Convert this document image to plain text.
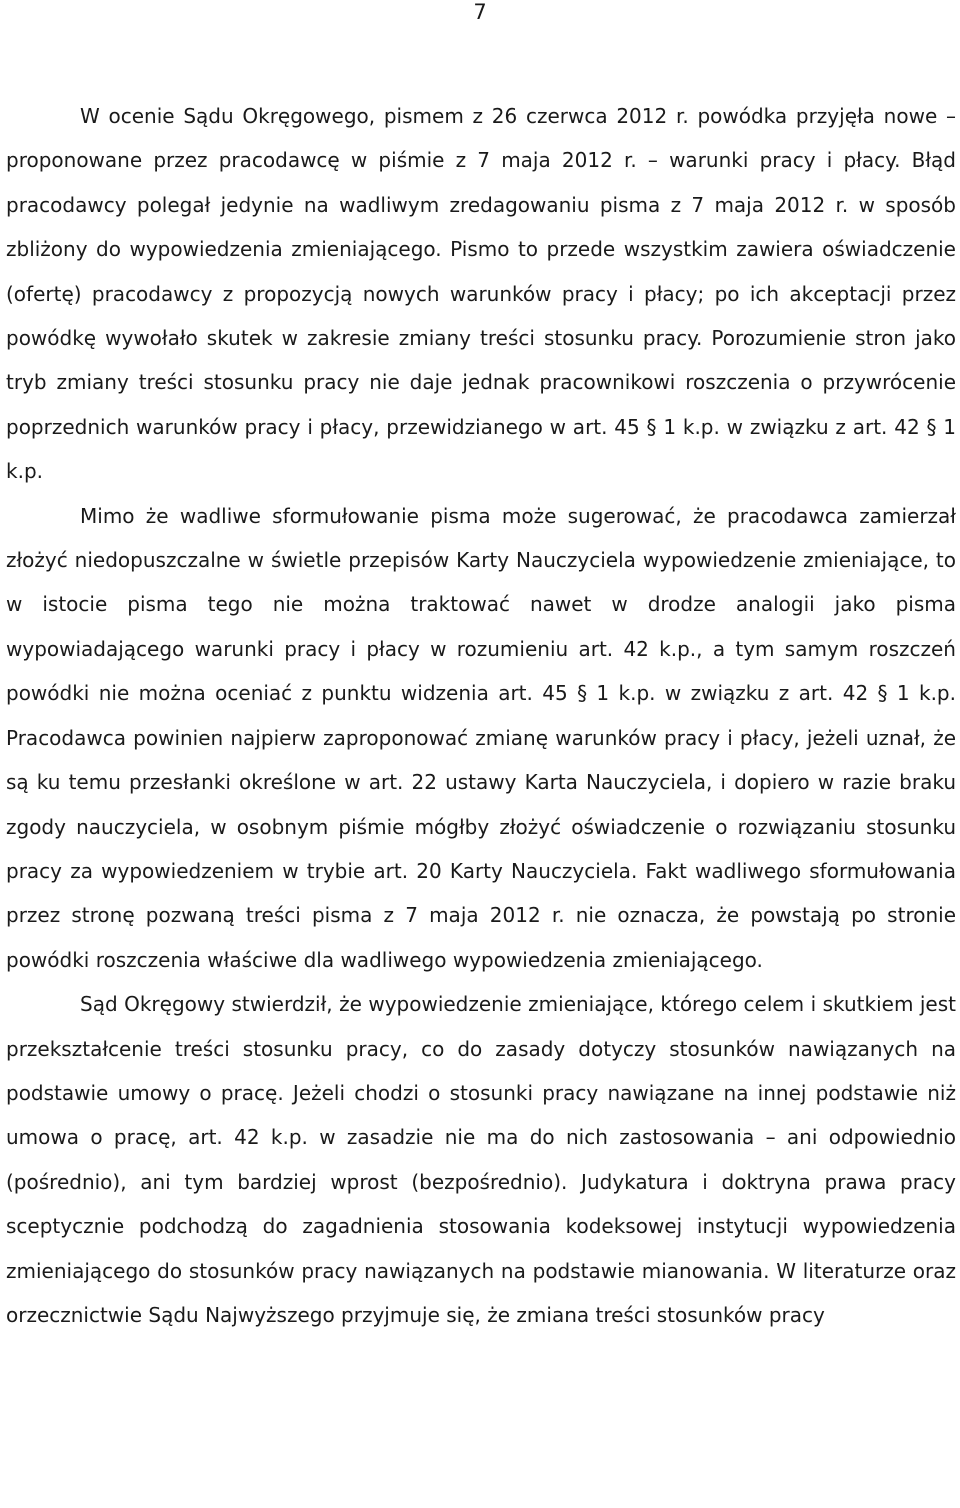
7

W ocenie Sądu Okręgowego, pismem z 26 czerwca 2012 r. powódka przyjęła nowe – proponowane przez pracodawcę w piśmie z 7 maja 2012 r. – warunki pracy i płacy. Błąd pracodawcy polegał jedynie na wadliwym zredagowaniu pisma z 7 maja 2012 r. w sposób zbliżony do wypowiedzenia zmieniającego. Pismo to przede wszystkim zawiera oświadczenie (ofertę) pracodawcy z propozycją nowych warunków pracy i płacy; po ich akceptacji przez powódkę wywołało skutek w zakresie zmiany treści stosunku pracy. Porozumienie stron jako tryb zmiany treści stosunku pracy nie daje jednak pracownikowi roszczenia o przywrócenie poprzednich warunków pracy i płacy, przewidzianego w art. 45 § 1 k.p. w związku z art. 42 § 1 k.p.

Mimo że wadliwe sformułowanie pisma może sugerować, że pracodawca zamierzał złożyć niedopuszczalne w świetle przepisów Karty Nauczyciela wypowiedzenie zmieniające, to w istocie pisma tego nie można traktować nawet w drodze analogii jako pisma wypowiadającego warunki pracy i płacy w rozumieniu art. 42 k.p., a tym samym roszczeń powódki nie można oceniać z punktu widzenia art. 45 § 1 k.p. w związku z art. 42 § 1 k.p. Pracodawca powinien najpierw zaproponować zmianę warunków pracy i płacy, jeżeli uznał, że są ku temu przesłanki określone w art. 22 ustawy Karta Nauczyciela, i dopiero w razie braku zgody nauczyciela, w osobnym piśmie mógłby złożyć oświadczenie o rozwiązaniu stosunku pracy za wypowiedzeniem w trybie art. 20 Karty Nauczyciela. Fakt wadliwego sformułowania przez stronę pozwaną treści pisma z 7 maja 2012 r. nie oznacza, że powstają po stronie powódki roszczenia właściwe dla wadliwego wypowiedzenia zmieniającego.

Sąd Okręgowy stwierdził, że wypowiedzenie zmieniające, którego celem i skutkiem jest przekształcenie treści stosunku pracy, co do zasady dotyczy stosunków nawiązanych na podstawie umowy o pracę. Jeżeli chodzi o stosunki pracy nawiązane na innej podstawie niż umowa o pracę, art. 42 k.p. w zasadzie nie ma do nich zastosowania – ani odpowiednio (pośrednio), ani tym bardziej wprost (bezpośrednio). Judykatura i doktryna prawa pracy sceptycznie podchodzą do zagadnienia stosowania kodeksowej instytucji wypowiedzenia zmieniającego do stosunków pracy nawiązanych na podstawie mianowania. W literaturze oraz orzecznictwie Sądu Najwyższego przyjmuje się, że zmiana treści stosunków pracy
